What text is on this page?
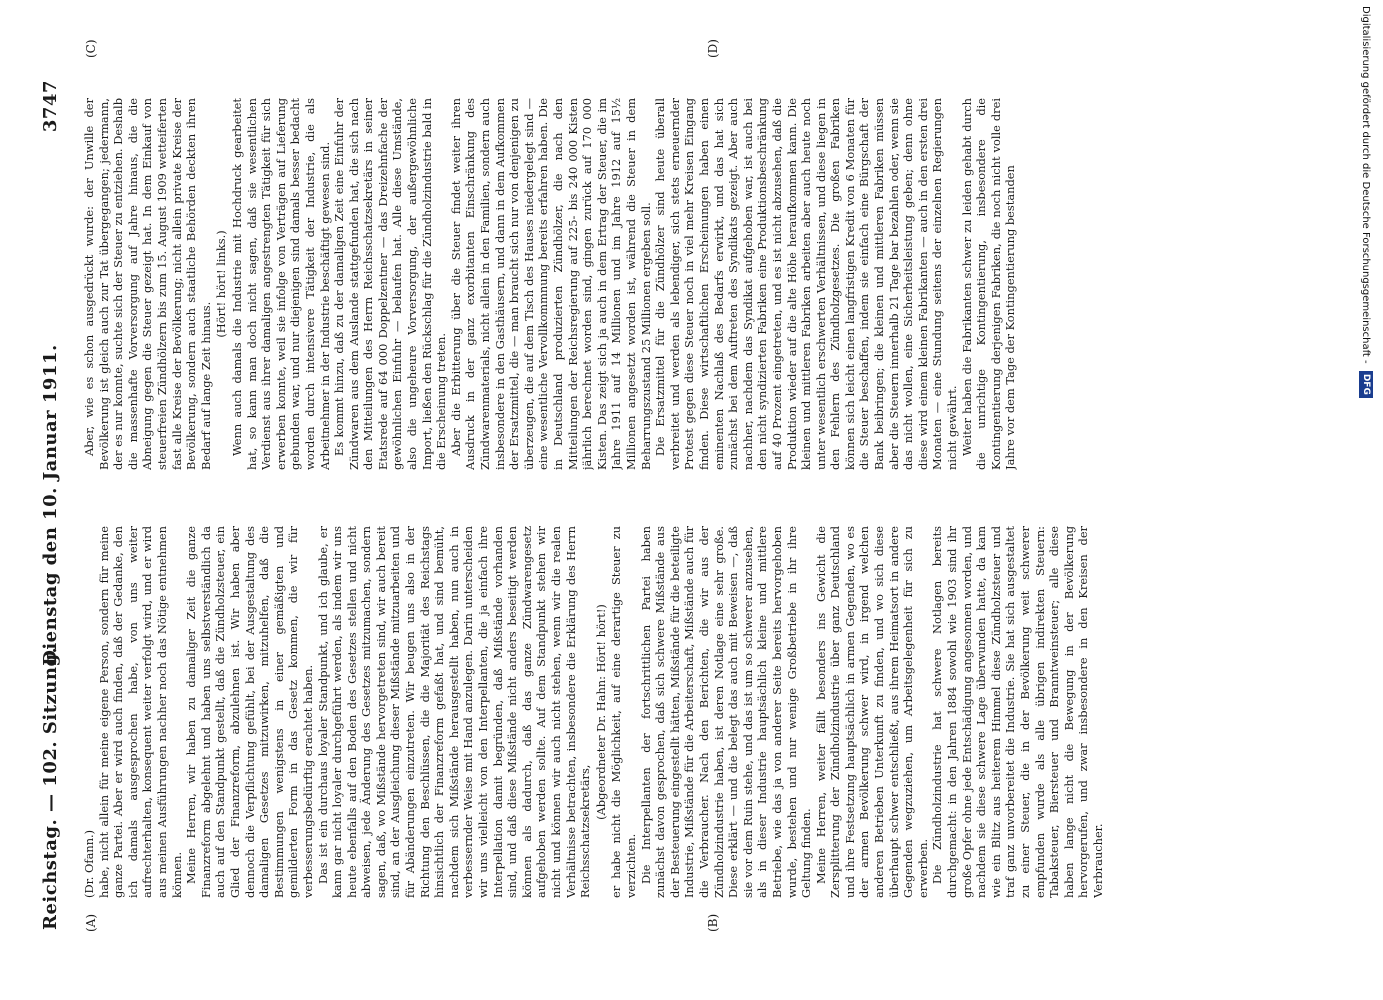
Reichstag. — 102. Sitzung.
Dienstag den 10. Januar 1911.
3747
(A)	(B)
(C)	(D)

(Dr. Ofann.) habe, nicht allein für meine eigene Person, sondern für meine ganze Partei. Aber er wird auch finden, daß der Gedanke, den ich damals ausgesprochen habe, von uns weiter aufrechterhalten, konsequent weiter verfolgt wird, und er wird aus meinen Ausführungen nachher noch das Nötige entnehmen können. Meine Herren, wir haben zu damaliger Zeit die ganze Finanzreform abgelehnt und haben uns selbstverständlich da auch auf den Standpunkt gestellt, daß die Zündholzsteuer, ein Glied der Finanzreform, abzulehnen ist. Wir haben aber dennoch die Verpflichtung gefühlt, bei der Ausgestaltung des damaligen Gesetzes mitzuwirken, mitzuhelfen, daß die Bestimmungen wenigstens in einer gemäßigten und gemilderten Form in das Gesetz kommen, die wir für verbesserungsbedürftig erachtet haben. Das ist ein durchaus loyaler Standpunkt, und ich glaube, er kann gar nicht loyaler durchgeführt werden, als indem wir uns heute ebenfalls auf den Boden des Gesetzes stellen und nicht abweisen, jede Änderung des Gesetzes mitzumachen, sondern sagen, daß, wo Mißstände hervorgetreten sind, wir auch bereit sind, an der Ausgleichung dieser Mißstände mitzuarbeiten und für Abänderungen einzutreten. Wir beugen uns also in der Richtung den Beschlüssen, die die Majorität des Reichstags hinsichtlich der Finanzreform gefaßt hat, und sind bemüht, nachdem sich Mißstände herausgestellt haben, nun auch in verbessernder Weise mit Hand anzulegen. Darin unterscheiden wir uns vielleicht von den Interpellanten, die ja einfach ihre Interpellation damit begründen, daß Mißstände vorhanden sind, und daß diese Mißstände nicht anders beseitigt werden können als dadurch, daß das ganze Zündwarengesetz aufgehoben werden sollte. Auf dem Standpunkt stehen wir nicht und können wir auch nicht stehen, wenn wir die realen Verhältnisse betrachten, insbesondere die Erklärung des Herrn Reichsschatzsekretärs,

(Abgeordneter Dr. Hahn: Hört! hört!) er habe nicht die Möglichkeit, auf eine derartige Steuer zu verzichten. Die Interpellanten der fortschrittlichen Partei haben zunächst davon gesprochen, daß sich schwere Mißstände aus der Besteuerung eingestellt hätten, Mißstände für die beteiligte Industrie, Mißstände für die Arbeiterschaft, Mißstände auch für die Verbraucher. Nach den Berichten, die wir aus der Zündholzindustrie haben, ist deren Notlage eine sehr große. Diese erklärt — und die belegt das auch mit Beweisen —, daß sie vor dem Ruin stehe, und das ist um so schwerer anzusehen, als in dieser Industrie hauptsächlich kleine und mittlere Betriebe, wie das ja von anderer Seite bereits hervorgehoben wurde, bestehen und nur wenige Großbetriebe in ihr ihre Geltung finden. Meine Herren, weiter fällt besonders ins Gewicht die Zersplitterung der Zündholzindustrie über ganz Deutschland und ihre Festsetzung hauptsächlich in armen Gegenden, wo es der armen Bevölkerung schwer wird, in irgend welchen anderen Betrieben Unterkunft zu finden, und wo sich diese überhaupt schwer entschließt, aus ihrem Heimatsort in andere Gegenden wegzuziehen, um Arbeitsgelegenheit für sich zu erwerben. Die Zündholzindustrie hat schwere Notlagen bereits durchgemacht: in den Jahren 1884 sowohl wie 1903 sind ihr große Opfer ohne jede Entschädigung angesonnen worden, und nachdem sie diese schwere Lage überwunden hatte, da kam wie ein Blitz aus heiterem Himmel diese Zündholzsteuer und traf ganz unvorbereitet die Industrie. Sie hat sich ausgestaltet zu einer Steuer, die in der Bevölkerung weit schwerer empfunden wurde als alle übrigen indirekten Steuern: Tabaksteuer, Biersteuer und Branntweinsteuer; alle diese haben lange nicht die Bewegung in der Bevölkerung hervorgerufen, und zwar insbesondere in den Kreisen der Verbraucher.

Aber, wie es schon ausgedrückt wurde: der Unwille der Bevölkerung ist gleich auch zur Tat übergegangen; jedermann, der es nur konnte, suchte sich der Steuer zu entziehen. Deshalb die massenhafte Vorversorgung auf Jahre hinaus, die die Abneigung gegen die Steuer gezeigt hat. In dem Einkauf von steuerfreien Zündhölzern bis zum 15. August 1909 wetteiferten fast alle Kreise der Bevölkerung; nicht allein private Kreise der Bevölkerung, sondern auch staatliche Behörden deckten ihren Bedarf auf lange Zeit hinaus.

(Hört! hört! links.) Wenn auch damals die Industrie mit Hochdruck gearbeitet hat, so kann man doch nicht sagen, daß sie wesentlichen Verdienst aus ihrer damaligen angestrengten Tätigkeit für sich erwerben konnte, weil sie infolge von Verträgen auf Lieferung gebunden war, und nur diejenigen sind damals besser bedacht worden durch intensivere Tätigkeit der Industrie, die als Arbeitnehmer in der Industrie beschäftigt gewesen sind. Es kommt hinzu, daß zu der damaligen Zeit eine Einfuhr der Zündwaren aus dem Auslande stattgefunden hat, die sich nach den Mitteilungen des Herrn Reichsschatzsekretärs in seiner Etatsrede auf 64 000 Doppelzentner — das Dreizehnfache der gewöhnlichen Einfuhr — belaufen hat. Alle diese Umstände, also die ungeheure Vorversorgung, der außergewöhnliche Import, ließen den Rückschlag für die Zündholzindustrie bald in die Erscheinung treten. Aber die Erbitterung über die Steuer findet weiter ihren Ausdruck in der ganz exorbitanten Einschränkung des Zündwarenmaterials, nicht allein in den Familien, sondern auch insbesondere in den Gasthäusern, und dann in dem Aufkommen der Ersatzmittel, die — man braucht sich nur von denjenigen zu überzeugen, die auf dem Tisch des Hauses niedergelegt sind — eine wesentliche Vervollkommnung bereits erfahren haben. Die in Deutschland produzierten Zündhölzer, die nach den Mitteilungen der Reichsregierung auf 225- bis 240 000 Kisten jährlich berechnet worden sind, gingen zurück auf 170 000 Kisten. Das zeigt sich ja auch in dem Ertrag der Steuer, die im Jahre 1911 auf 14 Millionen und im Jahre 1912 auf 15½ Millionen angesetzt worden ist, während die Steuer in dem Beharrungszustand 25 Millionen ergeben soll. Die Ersatzmittel für die Zündhölzer sind heute überall verbreitet und werden als lebendiger, sich stets erneuernder Protest gegen diese Steuer noch in viel mehr Kreisen Eingang finden. Diese wirtschaftlichen Erscheinungen haben einen eminenten Nachlaß des Bedarfs erwirkt, und das hat sich zunächst bei dem Auftreten des Syndikats gezeigt. Aber auch nachher, nachdem das Syndikat aufgehoben war, ist auch bei den nicht syndizierten Fabriken eine Produktionsbeschränkung auf 40 Prozent eingetreten, und es ist nicht abzusehen, daß die Produktion wieder auf die alte Höhe heraufkommen kann. Die kleinen und mittleren Fabriken arbeiten aber auch heute noch unter wesentlich erschwerten Verhältnissen, und diese liegen in den Fehlern des Zündholzgesetzes. Die großen Fabriken können sich leicht einen langfristigen Kredit von 6 Monaten für die Steuer beschaffen, indem sie einfach eine Bürgschaft der Bank beibringen; die kleinen und mittleren Fabriken müssen aber die Steuern innerhalb 21 Tage bar bezahlen oder, wenn sie das nicht wollen, eine Sicherheitsleistung geben; denn ohne diese wird einem kleinen Fabrikanten — auch in den ersten drei Monaten — eine Stundung seitens der einzelnen Regierungen nicht gewährt. Weiter haben die Fabrikanten schwer zu leiden gehabt durch die unrichtige Kontingentierung, insbesondere die Kontingentierung derjenigen Fabriken, die noch nicht volle drei Jahre vor dem Tage der Kontingentierung bestanden	Digitalisierung gefördert durch die Deutsche Forschungsgemeinschaft - DFG
